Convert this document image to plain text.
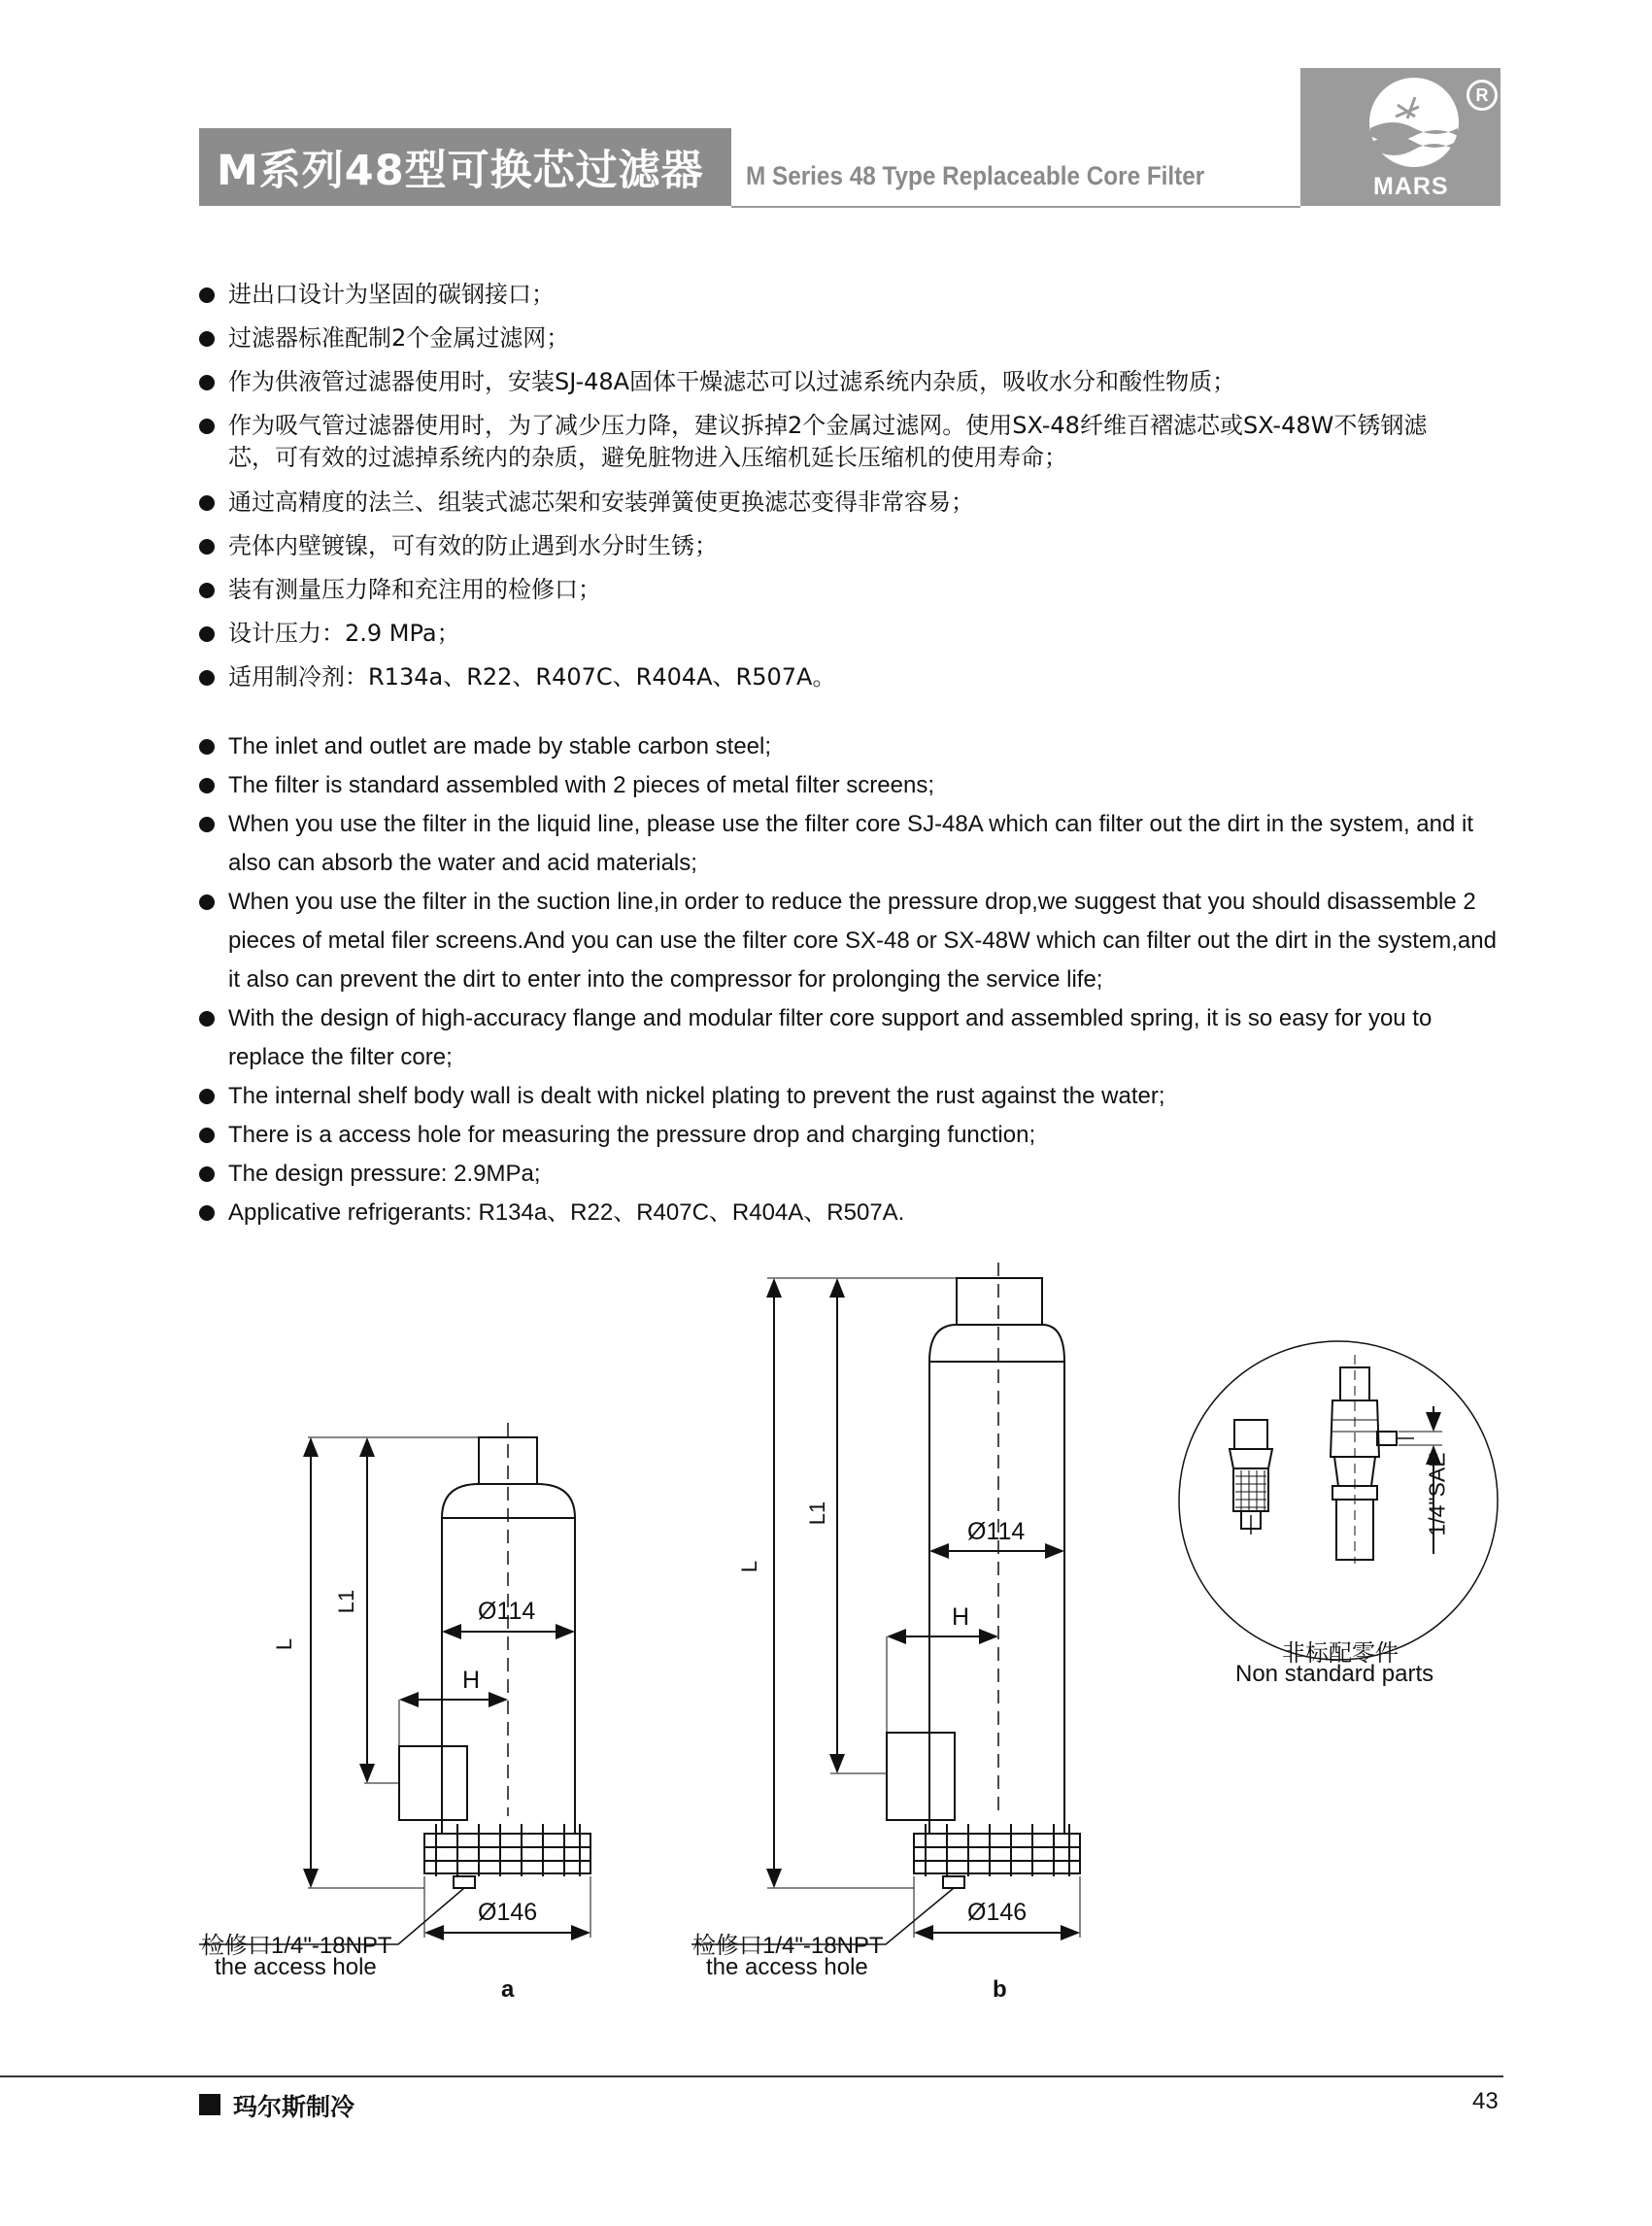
M系列48型可换芯过滤器 M Series 48 Type Replaceable Core Filter
R
MARS
进出口设计为坚固的碳钢接口；
过滤器标准配制2个金属过滤网；
作为供液管过滤器使用时，安装SJ-48A固体干燥滤芯可以过滤系统内杂质，吸收水分和酸性物质；
作为吸气管过滤器使用时，为了减少压力降，建议拆掉2个金属过滤网。使用SX-48纤维百褶滤芯或SX-48W不锈钢滤芯，可有效的过滤掉系统内的杂质，避免脏物进入压缩机延长压缩机的使用寿命；
通过高精度的法兰、组装式滤芯架和安装弹簧使更换滤芯变得非常容易；
壳体内壁镀镍，可有效的防止遇到水分时生锈；
装有测量压力降和充注用的检修口；
设计压力：2.9 MPa；
适用制冷剂：R134a、R22、R407C、R404A、R507A。
The inlet and outlet are made by stable carbon steel;
The filter is standard assembled with 2 pieces of metal filter screens;
When you use the filter in the liquid line, please use the filter core SJ-48A which can filter out the dirt in the system, and it also can absorb the water and acid materials;
When you use the filter in the suction line,in order to reduce the pressure drop,we suggest that you should disassemble 2 pieces of metal filer screens.And you can use the filter core SX-48 or SX-48W which can filter out the dirt in the system,and it also can prevent the dirt to enter into the compressor for prolonging the service life;
With the design of high-accuracy flange and modular filter core support and assembled spring, it is so easy for you to replace the filter core;
The internal shelf body wall is dealt with nickel plating to prevent the rust against the water;
There is a access hole for measuring the pressure drop and charging function;
The design pressure: 2.9MPa;
Applicative refrigerants: R134a、R22、R407C、R404A、R507A.
L
L1	Ø114
H
Ø146
检修口1/4"-18NPT
the access hole
a
L
L1
Ø114
H
Ø146
检修口1/4"-18NPT
the access hole
b
1/4"SAE
非标配零件
Non standard parts
玛尔斯制冷	43
